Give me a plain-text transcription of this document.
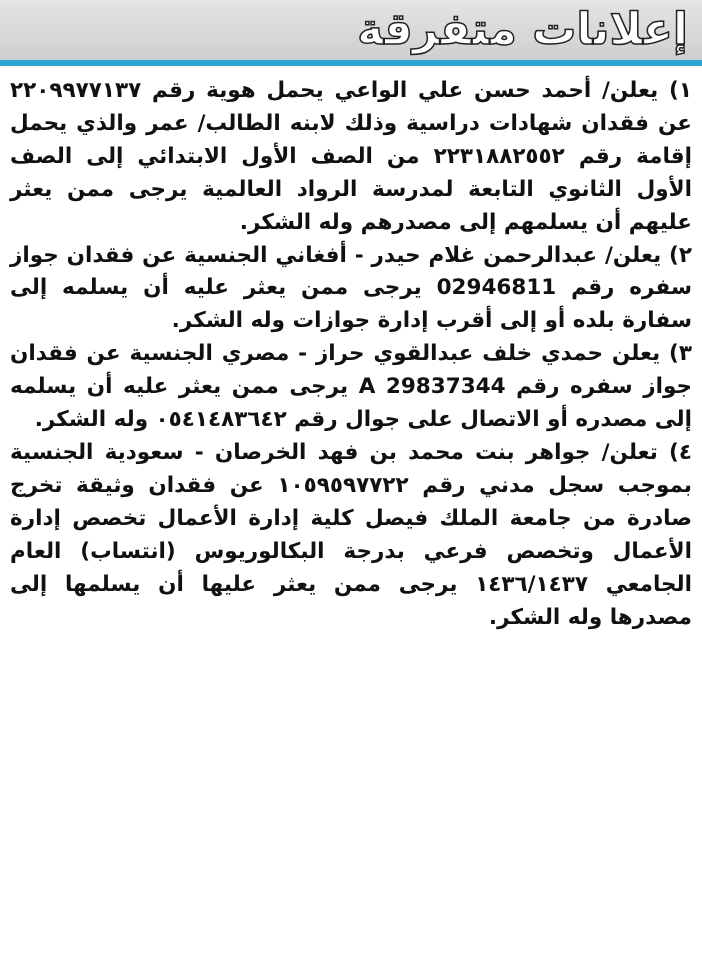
إعلانات متفرقة

١) يعلن/ أحمد حسن علي الواعي يحمل هوية رقم ٢٢٠٩٩٧٧١٣٧ عن فقدان شهادات دراسية وذلك لابنه الطالب/ عمر والذي يحمل إقامة رقم ٢٢٣١٨٨٢٥٥٢ من الصف الأول الابتدائي إلى الصف الأول الثانوي التابعة لمدرسة الرواد العالمية يرجى ممن يعثر عليهم أن يسلمهم إلى مصدرهم وله الشكر.

٢) يعلن/ عبدالرحمن غلام حيدر - أفغاني الجنسية عن فقدان جواز سفره رقم 02946811 يرجى ممن يعثر عليه أن يسلمه إلى سفارة بلده أو إلى أقرب إدارة جوازات وله الشكر.

٣) يعلن حمدي خلف عبدالقوي حراز - مصري الجنسية عن فقدان جواز سفره رقم A 29837344 يرجى ممن يعثر عليه أن يسلمه إلى مصدره أو الاتصال على جوال رقم ٠٥٤١٤٨٣٦٤٢ وله الشكر.

٤) تعلن/ جواهر بنت محمد بن فهد الخرصان - سعودية الجنسية بموجب سجل مدني رقم ١٠٥٩٥٩٧٧٢٢ عن فقدان وثيقة تخرج صادرة من جامعة الملك فيصل كلية إدارة الأعمال تخصص إدارة الأعمال وتخصص فرعي بدرجة البكالوريوس (انتساب) العام الجامعي ١٤٣٦/١٤٣٧ يرجى ممن يعثر عليها أن يسلمها إلى مصدرها وله الشكر.
